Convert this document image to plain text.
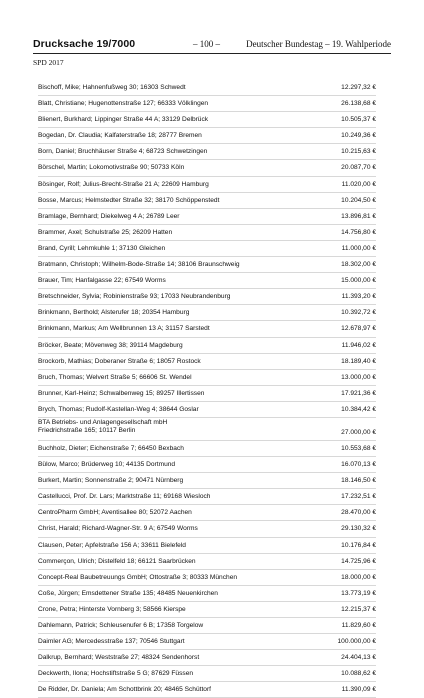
Drucksache 19/7000	– 100 –	Deutscher Bundestag – 19. Wahlperiode
SPD 2017
Bischoff, Mike; Hahnenfußweg 30; 16303 Schwedt	12.297,32 €
Blatt, Christiane; Hugenottenstraße 127; 66333 Völklingen	26.138,68 €
Blienert, Burkhard; Lippinger Straße 44 A; 33129 Delbrück	10.505,37 €
Bogedan, Dr. Claudia; Kalfaterstraße 18; 28777 Bremen	10.249,36 €
Born, Daniel; Bruchhäuser Straße 4; 68723 Schwetzingen	10.215,63 €
Börschel, Martin; Lokomotivstraße 90; 50733 Köln	20.087,70 €
Bösinger, Rolf; Julius-Brecht-Straße 21 A; 22609 Hamburg	11.020,00 €
Bosse, Marcus; Helmstedter Straße 32; 38170 Schöppenstedt	10.204,50 €
Bramlage, Bernhard; Diekelweg 4 A; 26789 Leer	13.896,81 €
Brammer, Axel; Schulstraße 25; 26209 Hatten	14.756,80 €
Brand, Cyrill; Lehmkuhle 1; 37130 Gleichen	11.000,00 €
Bratmann, Christoph; Wilhelm-Bode-Straße 14; 38106 Braunschweig	18.302,00 €
Brauer, Tim; Hanfalgasse 22; 67549 Worms	15.000,00 €
Bretschneider, Sylvia; Robinienstraße 93; 17033 Neubrandenburg	11.393,20 €
Brinkmann, Berthold; Alsterufer 18; 20354 Hamburg	10.392,72 €
Brinkmann, Markus; Am Wellbrunnen 13 A; 31157 Sarstedt	12.678,97 €
Bröcker, Beate; Mövenweg 38; 39114 Magdeburg	11.946,02 €
Brockorb, Mathias; Doberaner Straße 6; 18057 Rostock	18.189,40 €
Bruch, Thomas; Welvert Straße 5; 66606 St. Wendel	13.000,00 €
Brunner, Karl-Heinz; Schwalbenweg 15; 89257 Illertissen	17.921,36 €
Brych, Thomas; Rudolf-Kastellan-Weg 4; 38644 Goslar	10.384,42 €
BTA Betriebs- und Anlagengesellschaft mbH
Friedrichstraße 165; 10117 Berlin	27.000,00 €
Buchholz, Dieter; Eichenstraße 7; 66450 Bexbach	10.553,68 €
Bülow, Marco; Brüderweg 10; 44135 Dortmund	16.070,13 €
Burkert, Martin; Sonnenstraße 2; 90471 Nürnberg	18.146,50 €
Castellucci, Prof. Dr. Lars; Marktstraße 11; 69168 Wiesloch	17.232,51 €
CentroPharm GmbH; Aventisallee 80; 52072 Aachen	28.470,00 €
Christ, Harald; Richard-Wagner-Str. 9 A; 67549 Worms	29.130,32 €
Clausen, Peter; Apfelstraße 156 A; 33611 Bielefeld	10.176,84 €
Commerçon, Ulrich; Distelfeld 18; 66121 Saarbrücken	14.725,96 €
Concept-Real Baubetreuungs GmbH; Ottostraße 3; 80333 München	18.000,00 €
Coße, Jürgen; Emsdettener Straße 135; 48485 Neuenkirchen	13.773,19 €
Crone, Petra; Hinterste Vornberg 3; 58566 Kierspe	12.215,37 €
Dahlemann, Patrick; Schleusenufer 6 B; 17358 Torgelow	11.829,60 €
Daimler AG; Mercedesstraße 137; 70546 Stuttgart	100.000,00 €
Dalkrup, Bernhard; Weststraße 27; 48324 Sendenhorst	24.404,13 €
Deckwerth, Ilona; Hochstiftstraße 5 G; 87629 Füssen	10.088,62 €
De Ridder, Dr. Daniela; Am Schottbrink 20; 48465 Schüttorf	11.390,09 €
